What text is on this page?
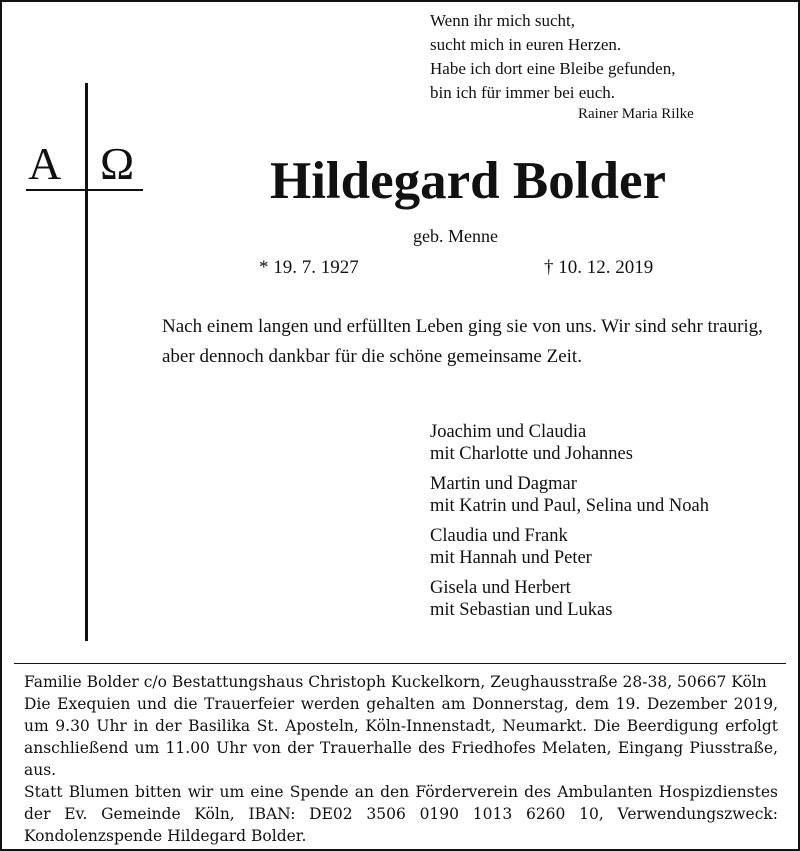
Wenn ihr mich sucht,
sucht mich in euren Herzen.
Habe ich dort eine Bleibe gefunden,
bin ich für immer bei euch.
Rainer Maria Rilke
A Ω	Hildegard Bolder
geb. Menne
* 19. 7. 1927	† 10. 12. 2019
Nach einem langen und erfüllten Leben ging sie von uns. Wir sind sehr traurig, aber dennoch dankbar für die schöne gemeinsame Zeit.
Joachim und Claudia
mit Charlotte und Johannes
Martin und Dagmar
mit Katrin und Paul, Selina und Noah
Claudia und Frank
mit Hannah und Peter
Gisela und Herbert
mit Sebastian und Lukas
Familie Bolder c/o Bestattungshaus Christoph Kuckelkorn, Zeughausstraße 28-38, 50667 Köln
Die Exequien und die Trauerfeier werden gehalten am Donnerstag, dem 19. Dezember 2019, um 9.30 Uhr in der Basilika St. Aposteln, Köln-Innenstadt, Neumarkt. Die Beerdigung erfolgt anschließend um 11.00 Uhr von der Trauerhalle des Friedhofes Melaten, Eingang Piusstraße, aus.
Statt Blumen bitten wir um eine Spende an den Förderverein des Ambulanten Hospizdienstes der Ev. Gemeinde Köln, IBAN: DE02 3506 0190 1013 6260 10, Verwendungszweck: Kondolenzspende Hildegard Bolder.
